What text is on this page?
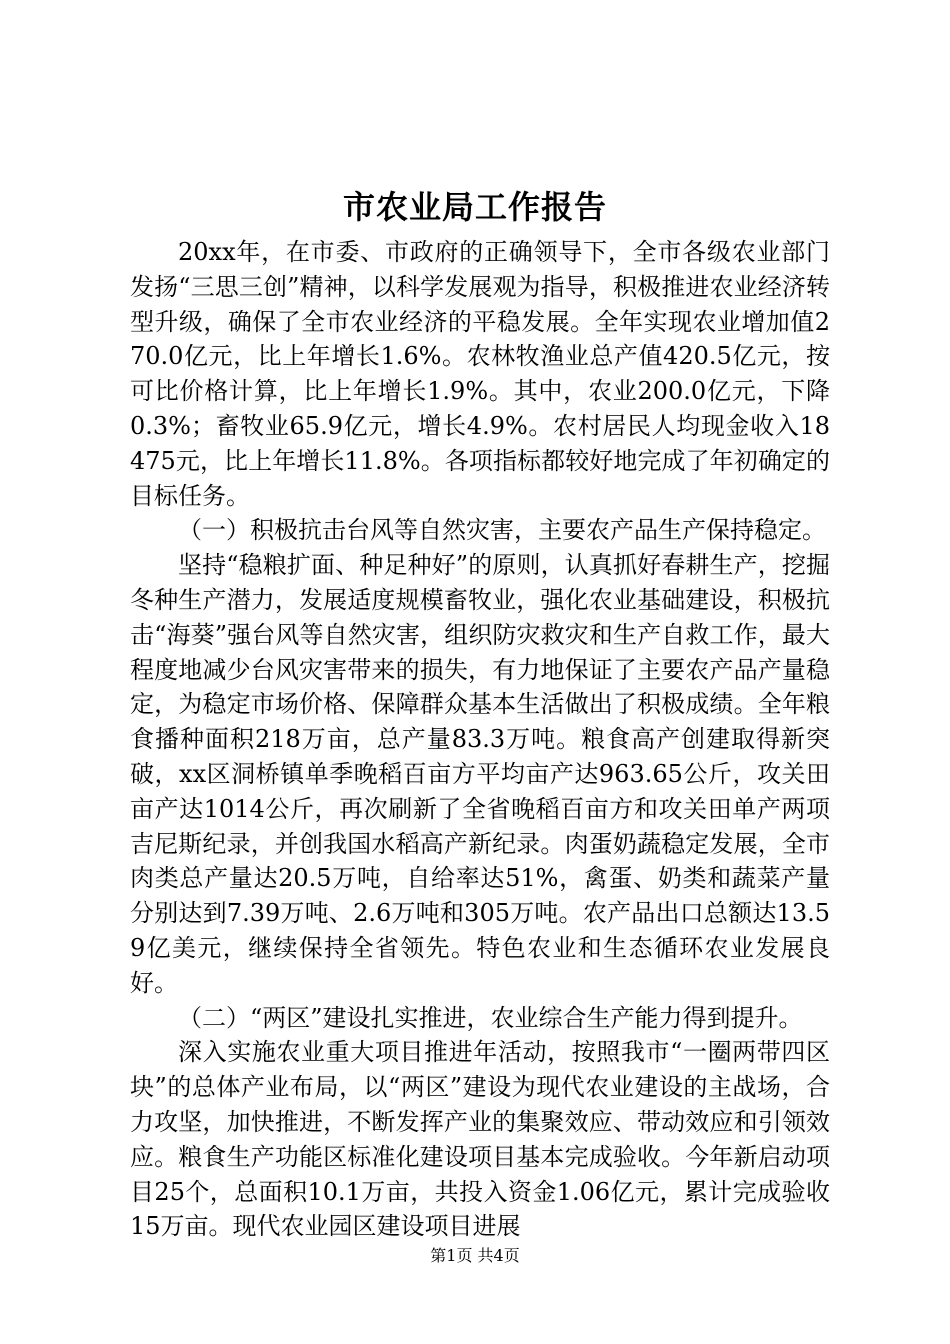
市农业局工作报告

20xx年，在市委、市政府的正确领导下，全市各级农业部门发扬“三思三创”精神，以科学发展观为指导，积极推进农业经济转型升级，确保了全市农业经济的平稳发展。全年实现农业增加值270.0亿元，比上年增长1.6%。农林牧渔业总产值420.5亿元，按可比价格计算，比上年增长1.9%。其中，农业200.0亿元，下降0.3%；畜牧业65.9亿元，增长4.9%。农村居民人均现金收入18475元，比上年增长11.8%。各项指标都较好地完成了年初确定的目标任务。

（一）积极抗击台风等自然灾害，主要农产品生产保持稳定。

坚持“稳粮扩面、种足种好”的原则，认真抓好春耕生产，挖掘冬种生产潜力，发展适度规模畜牧业，强化农业基础建设，积极抗击“海葵”强台风等自然灾害，组织防灾救灾和生产自救工作，最大程度地减少台风灾害带来的损失，有力地保证了主要农产品产量稳定，为稳定市场价格、保障群众基本生活做出了积极成绩。全年粮食播种面积218万亩，总产量83.3万吨。粮食高产创建取得新突破，xx区洞桥镇单季晚稻百亩方平均亩产达963.65公斤，攻关田亩产达1014公斤，再次刷新了全省晚稻百亩方和攻关田单产两项吉尼斯纪录，并创我国水稻高产新纪录。肉蛋奶蔬稳定发展，全市肉类总产量达20.5万吨，自给率达51%，禽蛋、奶类和蔬菜产量分别达到7.39万吨、2.6万吨和305万吨。农产品出口总额达13.59亿美元，继续保持全省领先。特色农业和生态循环农业发展良好。

（二）“两区”建设扎实推进，农业综合生产能力得到提升。

深入实施农业重大项目推进年活动，按照我市“一圈两带四区块”的总体产业布局，以“两区”建设为现代农业建设的主战场，合力攻坚，加快推进，不断发挥产业的集聚效应、带动效应和引领效应。粮食生产功能区标准化建设项目基本完成验收。今年新启动项目25个，总面积10.1万亩，共投入资金1.06亿元，累计完成验收15万亩。现代农业园区建设项目进展

第1页 共4页
